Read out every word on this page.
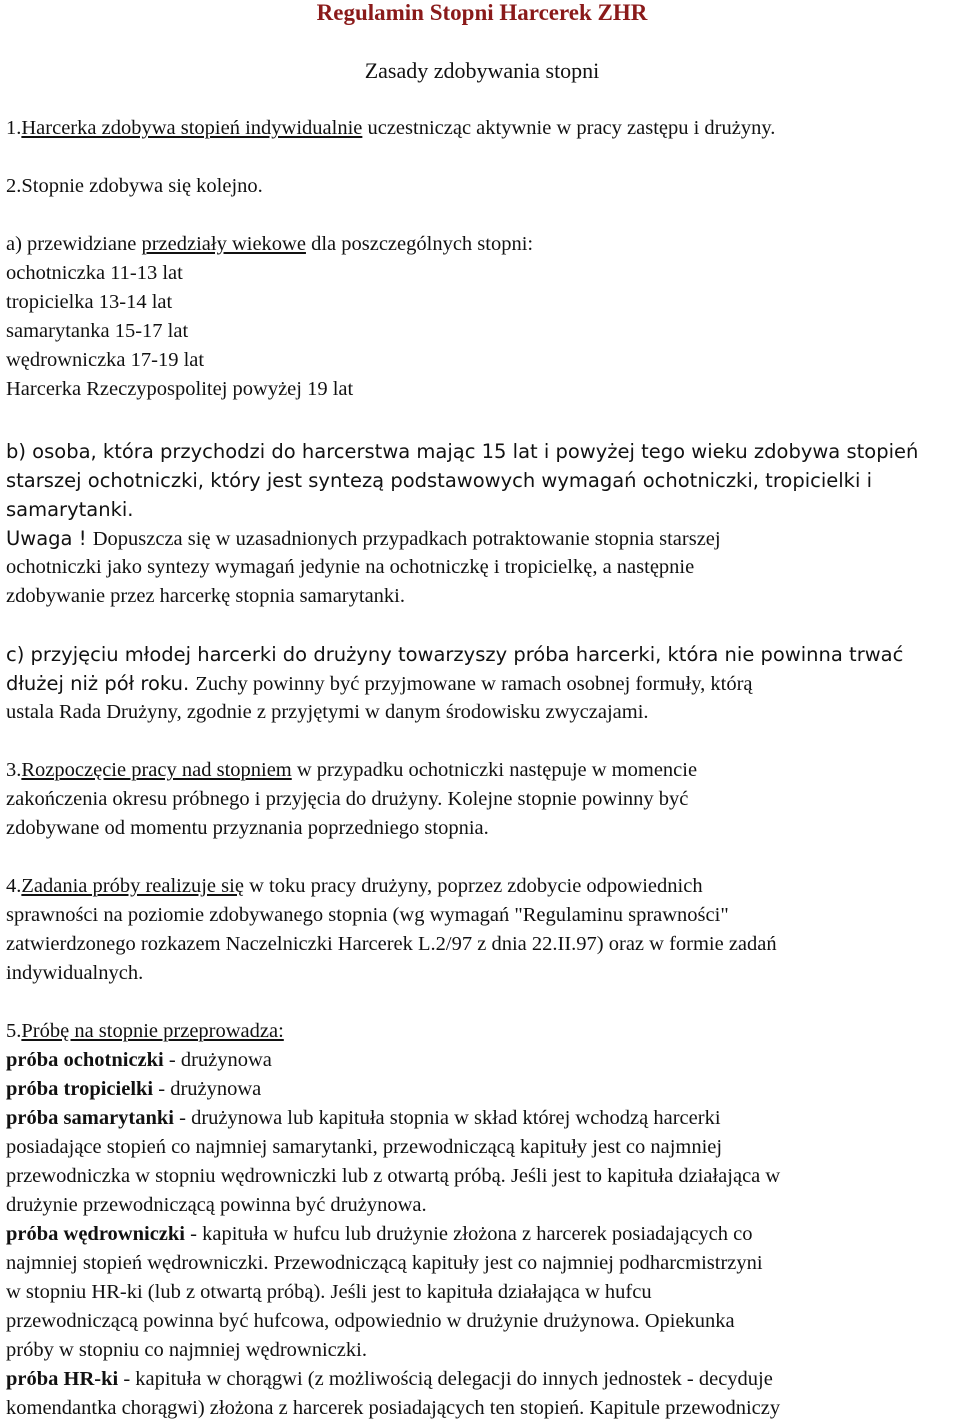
Regulamin Stopni Harcerek ZHR
Zasady zdobywania stopni
1.Harcerka zdobywa stopień indywidualnie uczestnicząc aktywnie w pracy zastępu i drużyny.
2.Stopnie zdobywa się kolejno.
a) przewidziane przedziały wiekowe dla poszczególnych stopni:
ochotniczka 11-13 lat
tropicielka 13-14 lat
samarytanka 15-17 lat
wędrowniczka 17-19 lat
Harcerka Rzeczypospolitej powyżej 19 lat
b) osoba, która przychodzi do harcerstwa mając 15 lat i powyżej tego wieku zdobywa stopień
starszej ochotniczki, który jest syntezą podstawowych wymagań ochotniczki, tropicielki i
samarytanki.
Uwaga ! Dopuszcza się w uzasadnionych przypadkach potraktowanie stopnia starszej
ochotniczki jako syntezy wymagań jedynie na ochotniczkę i tropicielkę, a następnie
zdobywanie przez harcerkę stopnia samarytanki.
c) przyjęciu młodej harcerki do drużyny towarzyszy próba harcerki, która nie powinna trwać
dłużej niż pół roku. Zuchy powinny być przyjmowane w ramach osobnej formuły, którą
ustala Rada Drużyny, zgodnie z przyjętymi w danym środowisku zwyczajami.
3.Rozpoczęcie pracy nad stopniem w przypadku ochotniczki następuje w momencie
zakończenia okresu próbnego i przyjęcia do drużyny. Kolejne stopnie powinny być
zdobywane od momentu przyznania poprzedniego stopnia.
4.Zadania próby realizuje się w toku pracy drużyny, poprzez zdobycie odpowiednich
sprawności na poziomie zdobywanego stopnia (wg wymagań "Regulaminu sprawności"
zatwierdzonego rozkazem Naczelniczki Harcerek L.2/97 z dnia 22.II.97) oraz w formie zadań
indywidualnych.
5.Próbę na stopnie przeprowadza:
próba ochotniczki - drużynowa
próba tropicielki - drużynowa
próba samarytanki - drużynowa lub kapituła stopnia w skład której wchodzą harcerki
posiadające stopień co najmniej samarytanki, przewodniczącą kapituły jest co najmniej
przewodniczka w stopniu wędrowniczki lub z otwartą próbą. Jeśli jest to kapituła działająca w
drużynie przewodniczącą powinna być drużynowa.
próba wędrowniczki - kapituła w hufcu lub drużynie złożona z harcerek posiadających co
najmniej stopień wędrowniczki. Przewodniczącą kapituły jest co najmniej podharcmistrzyni
w stopniu HR-ki (lub z otwartą próbą). Jeśli jest to kapituła działająca w hufcu
przewodniczącą powinna być hufcowa, odpowiednio w drużynie drużynowa. Opiekunka
próby w stopniu co najmniej wędrowniczki.
próba HR-ki - kapituła w chorągwi (z możliwością delegacji do innych jednostek - decyduje
komendantka chorągwi) złożona z harcerek posiadających ten stopień. Kapitule przewodniczy
